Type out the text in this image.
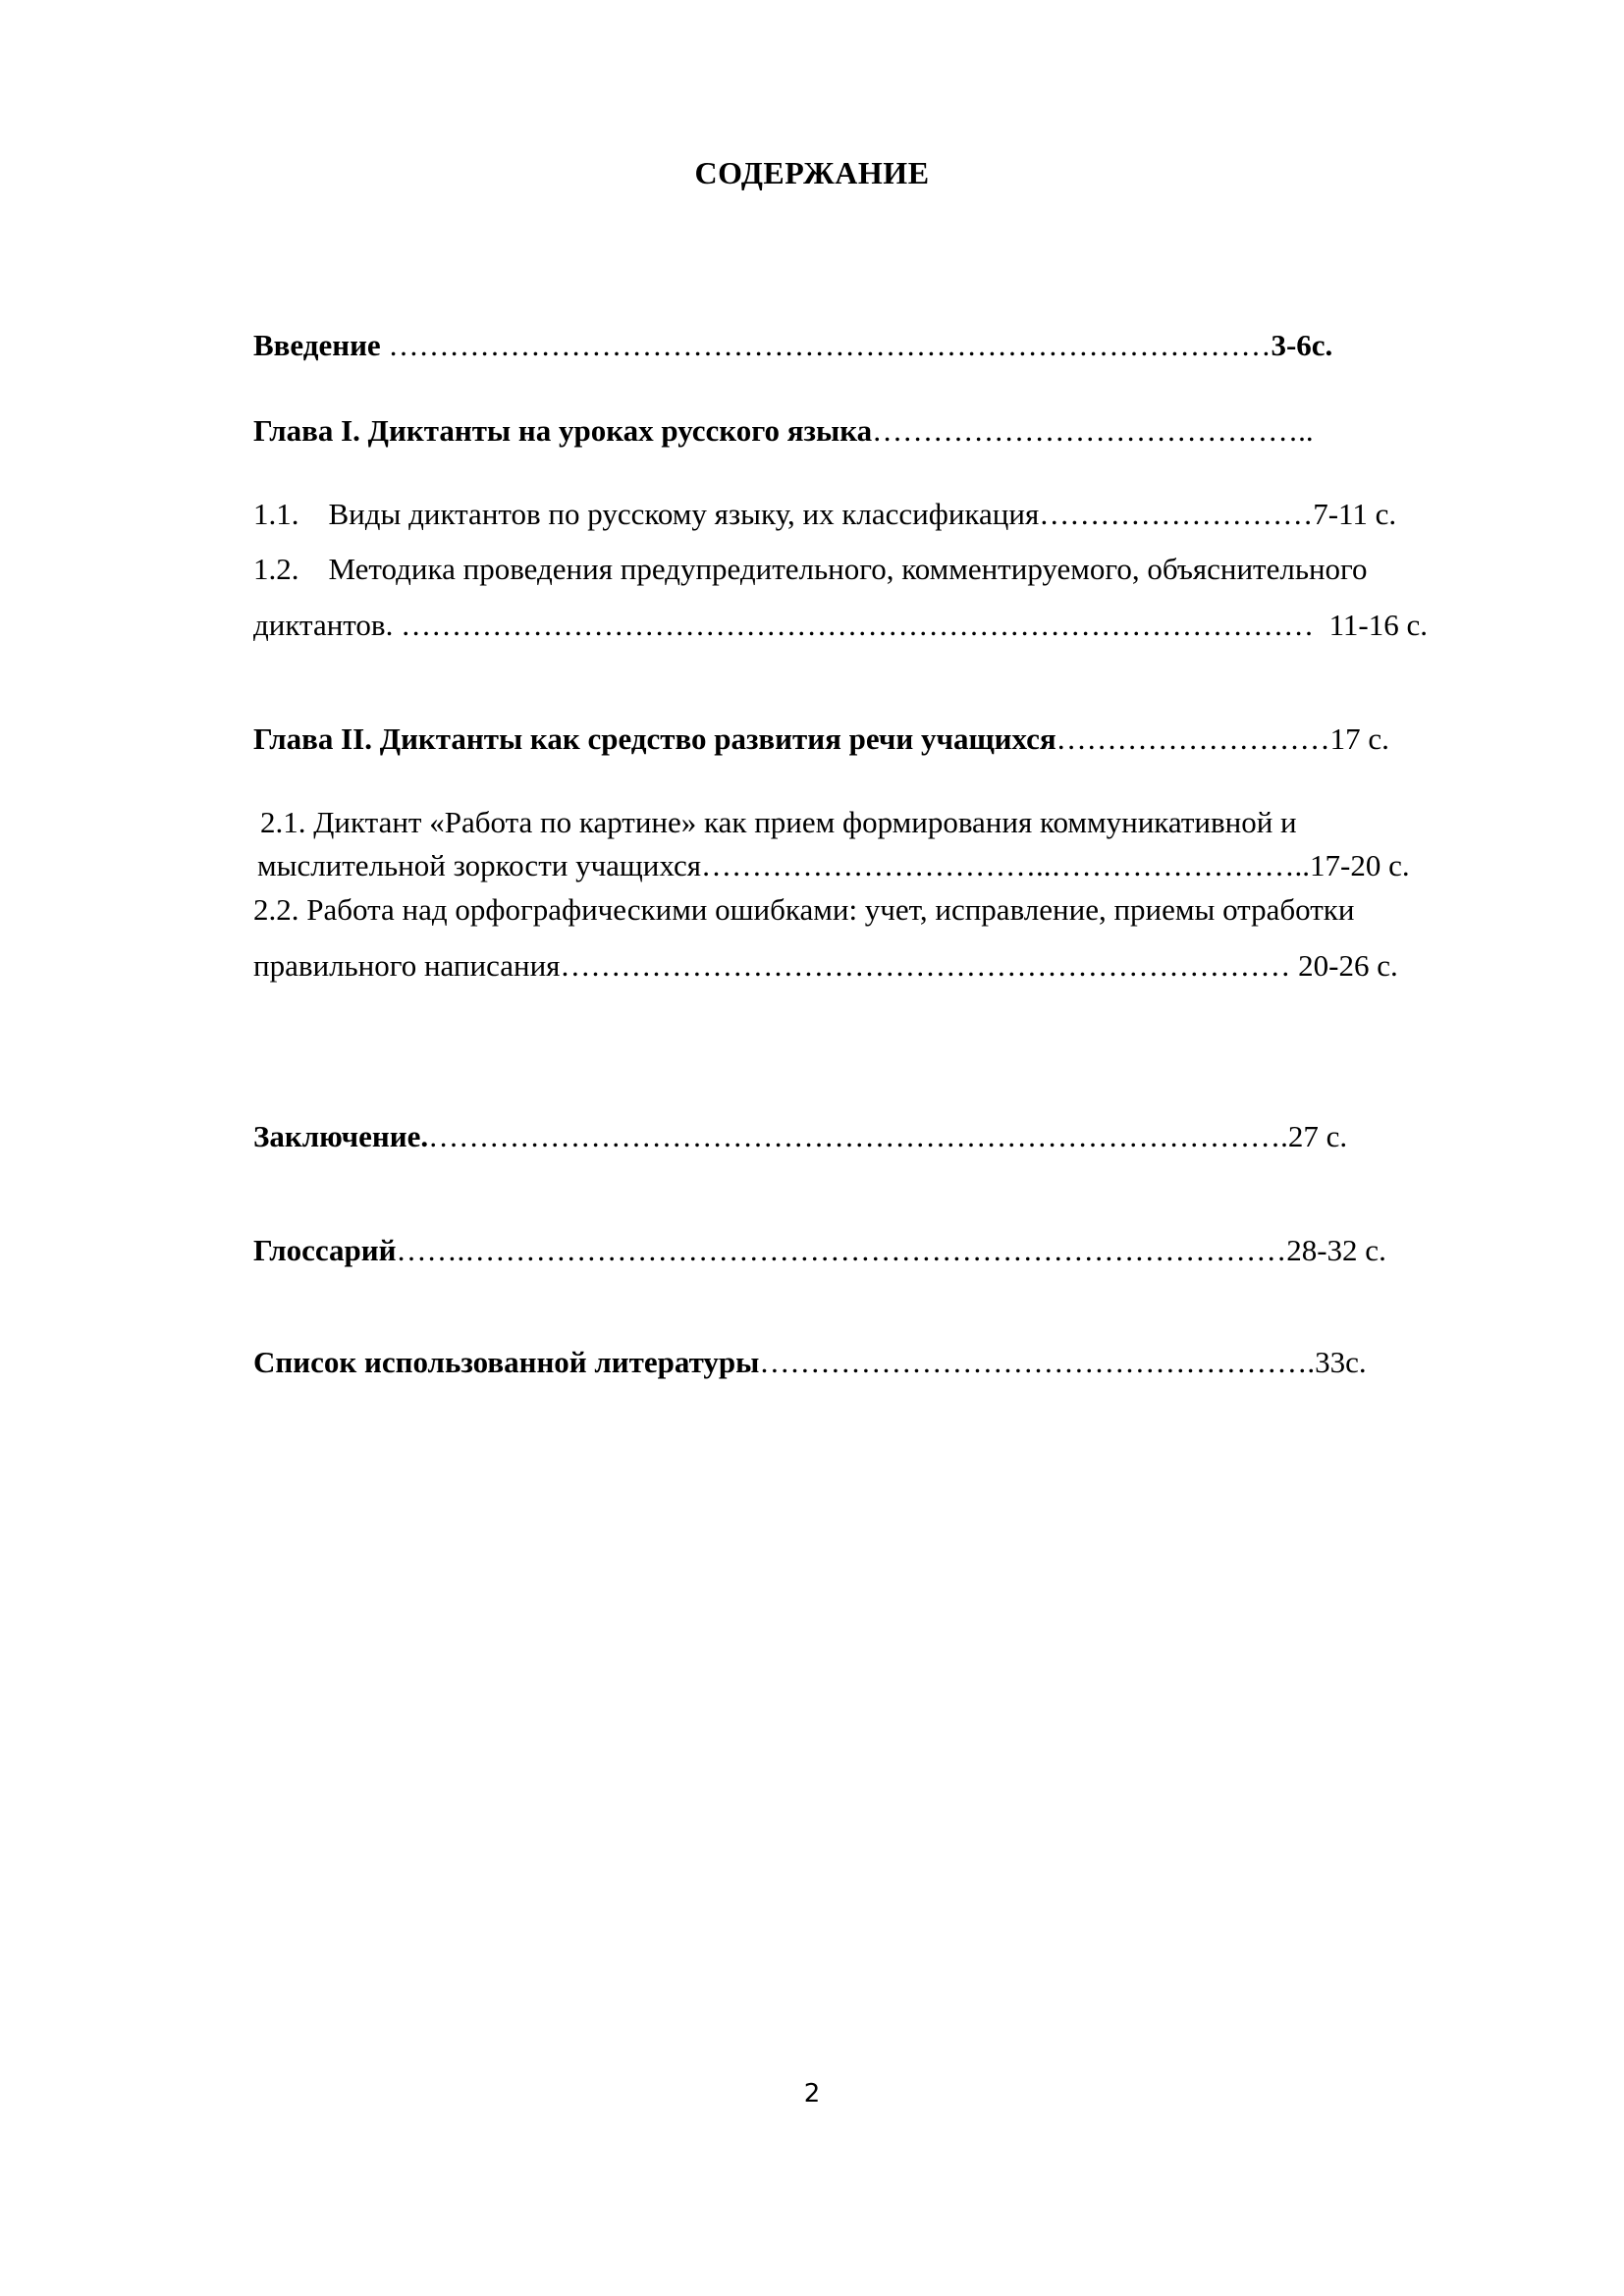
СОДЕРЖАНИЕ

Введение ……………………………………………………………………………3-6с.

Глава I. Диктанты на уроках русского языка……………………………………..

1.1. Виды диктантов по русскому языку, их классификация………………………7-11 с.

1.2. Методика проведения предупредительного, комментируемого, объяснительного

диктантов. ………………………………………………………………………………  11-16 с.

Глава II. Диктанты как средство развития речи учащихся………………………17 с.

2.1. Диктант «Работа по картине» как прием формирования коммуникативной и

мыслительной зоркости учащихся……………………………..……………………..17-20 с.

2.2. Работа над орфографическими ошибками: учет, исправление, приемы отработки

правильного написания……………………………………………………………… 20-26 с.

Заключение.………………………………………………………………………….27 с.

Глоссарий…….………………………………………………………………………28-32 с.

Список использованной литературы……………………………………………….33с.

2
